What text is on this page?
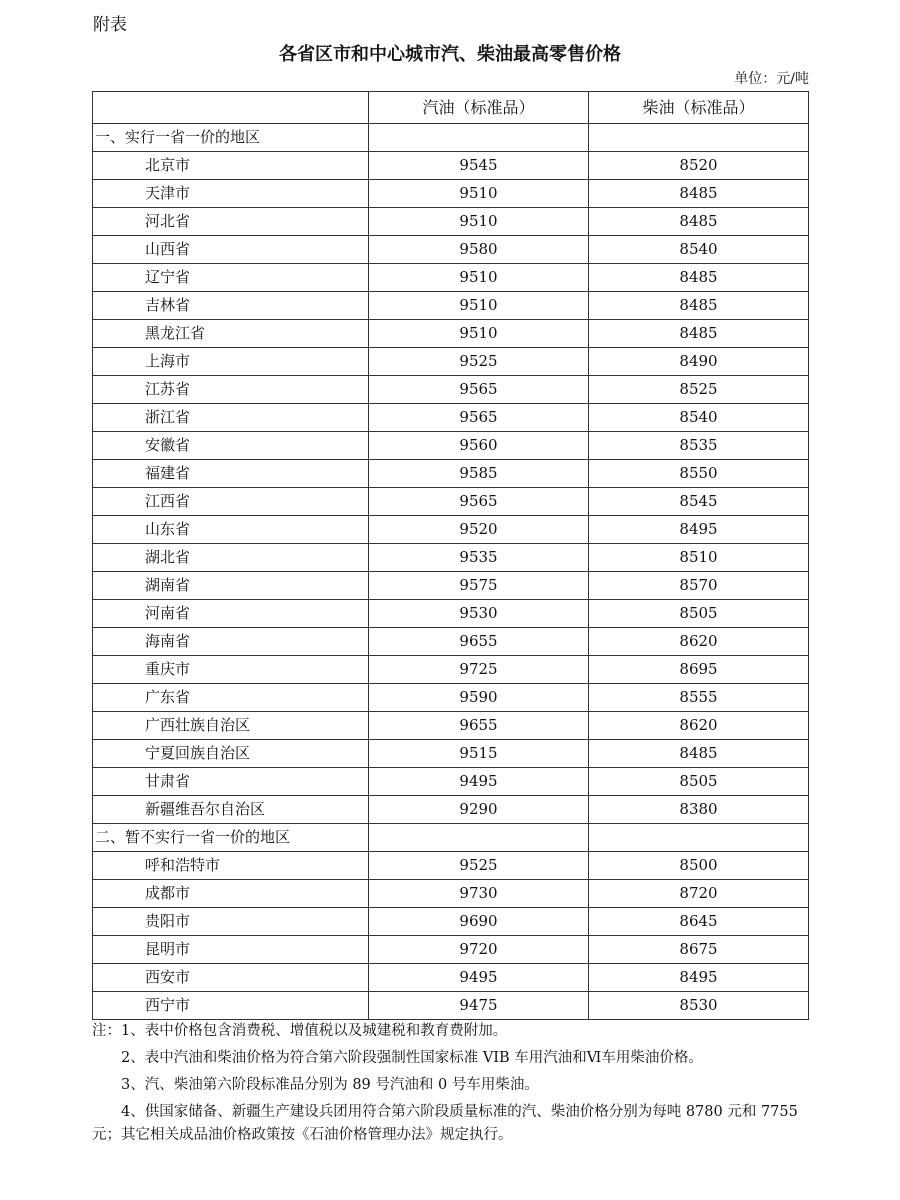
附表
各省区市和中心城市汽、柴油最高零售价格
单位：元/吨
	汽油（标准品）	柴油（标准品）
一、实行一省一价的地区		
北京市	9545	8520
天津市	9510	8485
河北省	9510	8485
山西省	9580	8540
辽宁省	9510	8485
吉林省	9510	8485
黑龙江省	9510	8485
上海市	9525	8490
江苏省	9565	8525
浙江省	9565	8540
安徽省	9560	8535
福建省	9585	8550
江西省	9565	8545
山东省	9520	8495
湖北省	9535	8510
湖南省	9575	8570
河南省	9530	8505
海南省	9655	8620
重庆市	9725	8695
广东省	9590	8555
广西壮族自治区	9655	8620
宁夏回族自治区	9515	8485
甘肃省	9495	8505
新疆维吾尔自治区	9290	8380
二、暂不实行一省一价的地区		
呼和浩特市	9525	8500
成都市	9730	8720
贵阳市	9690	8645
昆明市	9720	8675
西安市	9495	8495
西宁市	9475	8530

注：1、表中价格包含消费税、增值税以及城建税和教育费附加。

2、表中汽油和柴油价格为符合第六阶段强制性国家标准 VIB 车用汽油和Ⅵ车用柴油价格。

3、汽、柴油第六阶段标准品分别为 89 号汽油和 0 号车用柴油。

4、供国家储备、新疆生产建设兵团用符合第六阶段质量标准的汽、柴油价格分别为每吨 8780 元和 7755 元；其它相关成品油价格政策按《石油价格管理办法》规定执行。
